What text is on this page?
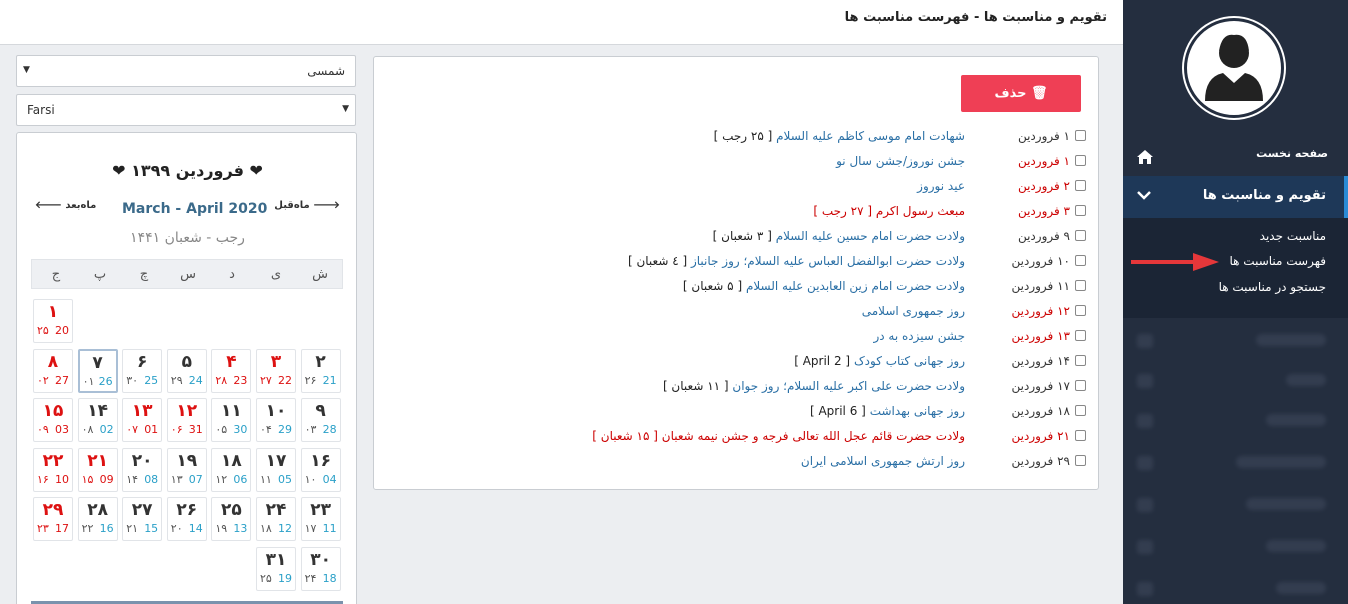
صفحه نخست
تقویم و مناسبت ها
مناسبت جدید
فهرست مناسبت ها
جستجو در مناسبت ها
تقویم و مناسبت ها - فهرست مناسبت ها
شمسی
▼
Farsi	▼
❤ فروردین ۱۳۹۹ ❤
🡐 ماه‌بعد	ماه‌قبل 🡒
March - April 2020
رجب - شعبان ۱۴۴۱
ش
ی
د
س
چ
پ
ج
۱
۲۵ 20
۲
۲۶ 21
۳
۲۷ 22
۴
۲۸ 23
۵
۲۹ 24
۶
۳۰ 25
۷
۰۱ 26
۸
۰۲ 27
۹
۰۳ 28
۱۰
۰۴ 29
۱۱
۰۵ 30
۱۲
۰۶ 31
۱۳
۰۷ 01
۱۴
۰۸ 02
۱۵
۰۹ 03
۱۶
۱۰ 04
۱۷
۱۱ 05
۱۸
۱۲ 06
۱۹
۱۳ 07
۲۰
۱۴ 08
۲۱
۱۵ 09
۲۲
۱۶ 10
۲۳
۱۷ 11
۲۴
۱۸ 12
۲۵
۱۹ 13
۲۶
۲۰ 14
۲۷
۲۱ 15
۲۸
۲۲ 16
۲۹
۲۳ 17
۳۰
۲۴ 18
۳۱
۲۵ 19
🗑 حذف
۱ فروردین
شهادت امام موسی کاظم علیه السلام [ ۲۵ رجب ]
۱ فروردین
جشن نوروز/جشن سال نو
۲ فروردین
عید نوروز
۳ فروردین
مبعث رسول اکرم [ ۲۷ رجب ]
۹ فروردین
ولادت حضرت امام حسین علیه السلام [ ۳ شعبان ]
۱۰ فروردین
ولادت حضرت ابوالفضل العباس علیه السلام؛ روز جانباز [ ٤ شعبان ]
۱۱ فروردین
ولادت حضرت امام زین العابدین علیه السلام [ ۵ شعبان ]
۱۲ فروردین
روز جمهوری اسلامی
۱۳ فروردین
جشن سیزده به در
۱۴ فروردین
روز جهانی کتاب کودک [ 2 April ]
۱۷ فروردین
ولادت حضرت علی اکبر علیه السلام؛ روز جوان [ ۱۱ شعبان ]
۱۸ فروردین
روز جهانی بهداشت [ 6 April ]
۲۱ فروردین
ولادت حضرت قائم عجل الله تعالی فرجه و جشن نیمه شعبان [ ۱۵ شعبان ]
۲۹ فروردین
روز ارتش جمهوری اسلامی ایران
